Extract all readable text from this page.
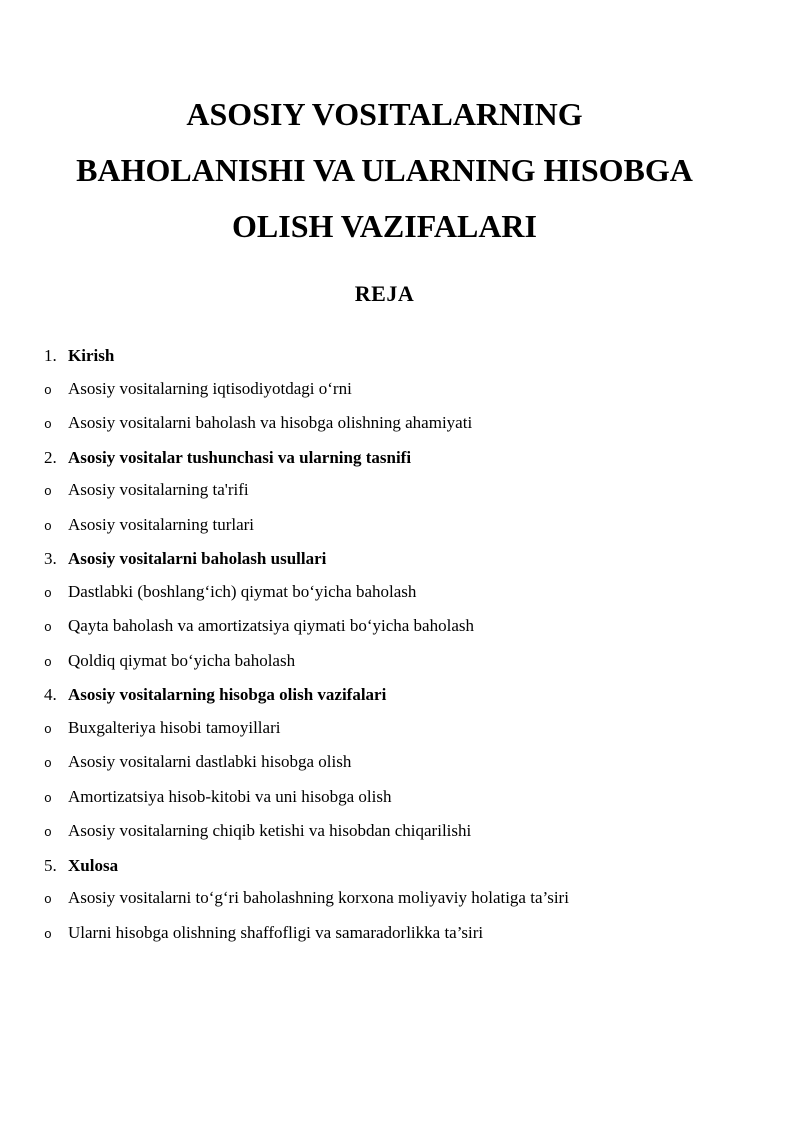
ASOSIY VOSITALARNING
BAHOLANISHI VA ULARNING HISOBGA
OLISH VAZIFALARI
REJA
1. Kirish
o Asosiy vositalarning iqtisodiyotdagi o‘rni
o Asosiy vositalarni baholash va hisobga olishning ahamiyati
2. Asosiy vositalar tushunchasi va ularning tasnifi
o Asosiy vositalarning ta'rifi
o Asosiy vositalarning turlari
3. Asosiy vositalarni baholash usullari
o Dastlabki (boshlang‘ich) qiymat bo‘yicha baholash
o Qayta baholash va amortizatsiya qiymati bo‘yicha baholash
o Qoldiq qiymat bo‘yicha baholash
4. Asosiy vositalarning hisobga olish vazifalari
o Buxgalteriya hisobi tamoyillari
o Asosiy vositalarni dastlabki hisobga olish
o Amortizatsiya hisob-kitobi va uni hisobga olish
o Asosiy vositalarning chiqib ketishi va hisobdan chiqarilishi
5. Xulosa
o Asosiy vositalarni to‘g‘ri baholashning korxona moliyaviy holatiga ta’siri
o Ularni hisobga olishning shaffofligi va samaradorlikka ta’siri
